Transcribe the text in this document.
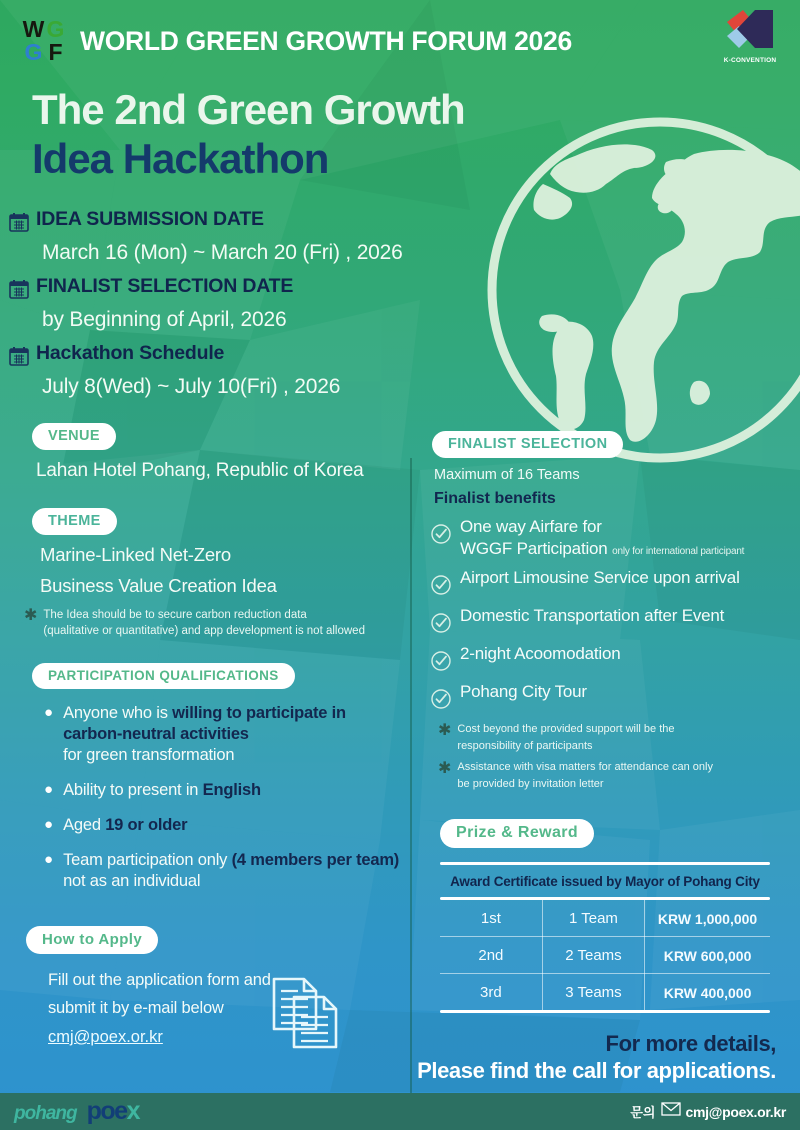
W G
G F WORLD GREEN GROWTH FORUM 2026
K-CONVENTION
The 2nd Green Growth
Idea Hackathon
IDEA SUBMISSION DATE
March 16 (Mon) ~ March 20 (Fri) , 2026
FINALIST SELECTION DATE
by Beginning of April, 2026
Hackathon Schedule
July 8(Wed) ~ July 10(Fri) , 2026
VENUE
Lahan Hotel Pohang, Republic of Korea
THEME
Marine-Linked Net-Zero
Business Value Creation Idea
✱ The Idea should be to secure carbon reduction data
(qualitative or quantitative) and app development is not allowed
PARTICIPATION QUALIFICATIONS
● Anyone who is willing to participate in
carbon-neutral activities
for green transformation
● Ability to present in English
● Aged 19 or older
● Team participation only (4 members per team)
not as an individual
How to Apply
Fill out the application form and
submit it by e-mail below
cmj@poex.or.kr
FINALIST SELECTION
Maximum of 16 Teams
Finalist benefits
One way Airfare for
WGGF Participation only for international participant
Airport Limousine Service upon arrival
Domestic Transportation after Event
2-night Acoomodation
Pohang City Tour
✱ Cost beyond the provided support will be the
responsibility of participants
✱ Assistance with visa matters for attendance can only
be provided by invitation letter
Prize & Reward
Award Certificate issued by Mayor of Pohang City
1st	1 Team	KRW 1,000,000
2nd	2 Teams	KRW 600,000
3rd	3 Teams	KRW 400,000
For more details,
Please find the call for applications.
pohang poex	문의 cmj@poex.or.kr
